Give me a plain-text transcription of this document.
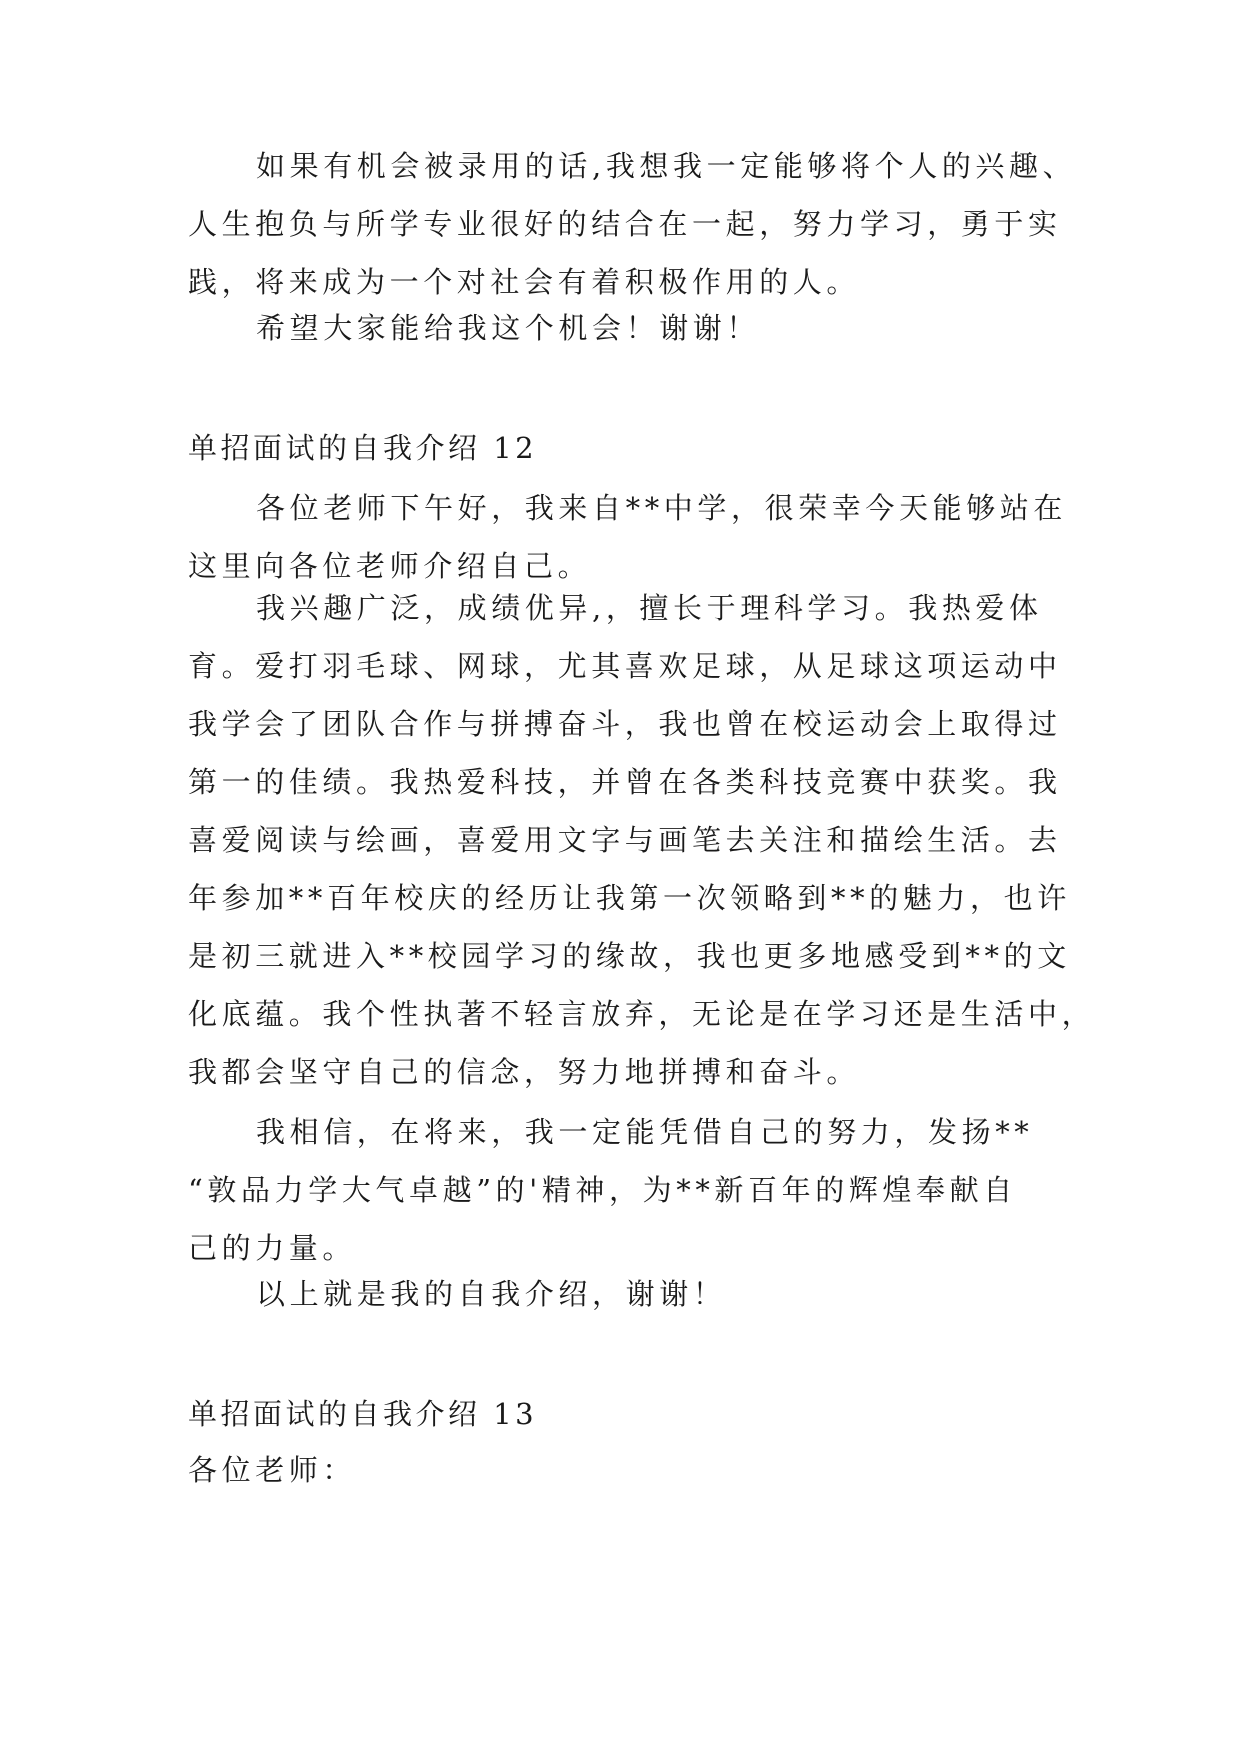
如果有机会被录用的话,我想我一定能够将个人的兴趣、
人生抱负与所学专业很好的结合在一起，努力学习，勇于实
践，将来成为一个对社会有着积极作用的人。
希望大家能给我这个机会！谢谢！
单招面试的自我介绍 12
各位老师下午好，我来自**中学，很荣幸今天能够站在
这里向各位老师介绍自己。
我兴趣广泛，成绩优异,，擅长于理科学习。我热爱体
育。爱打羽毛球、网球，尤其喜欢足球，从足球这项运动中
我学会了团队合作与拼搏奋斗，我也曾在校运动会上取得过
第一的佳绩。我热爱科技，并曾在各类科技竞赛中获奖。我
喜爱阅读与绘画，喜爱用文字与画笔去关注和描绘生活。去
年参加**百年校庆的经历让我第一次领略到**的魅力，也许
是初三就进入**校园学习的缘故，我也更多地感受到**的文
化底蕴。我个性执著不轻言放弃，无论是在学习还是生活中，
我都会坚守自己的信念，努力地拼搏和奋斗。
我相信，在将来，我一定能凭借自己的努力，发扬**
“敦品力学大气卓越”的'精神，为**新百年的辉煌奉献自
己的力量。
以上就是我的自我介绍，谢谢！
单招面试的自我介绍 13
各位老师：
